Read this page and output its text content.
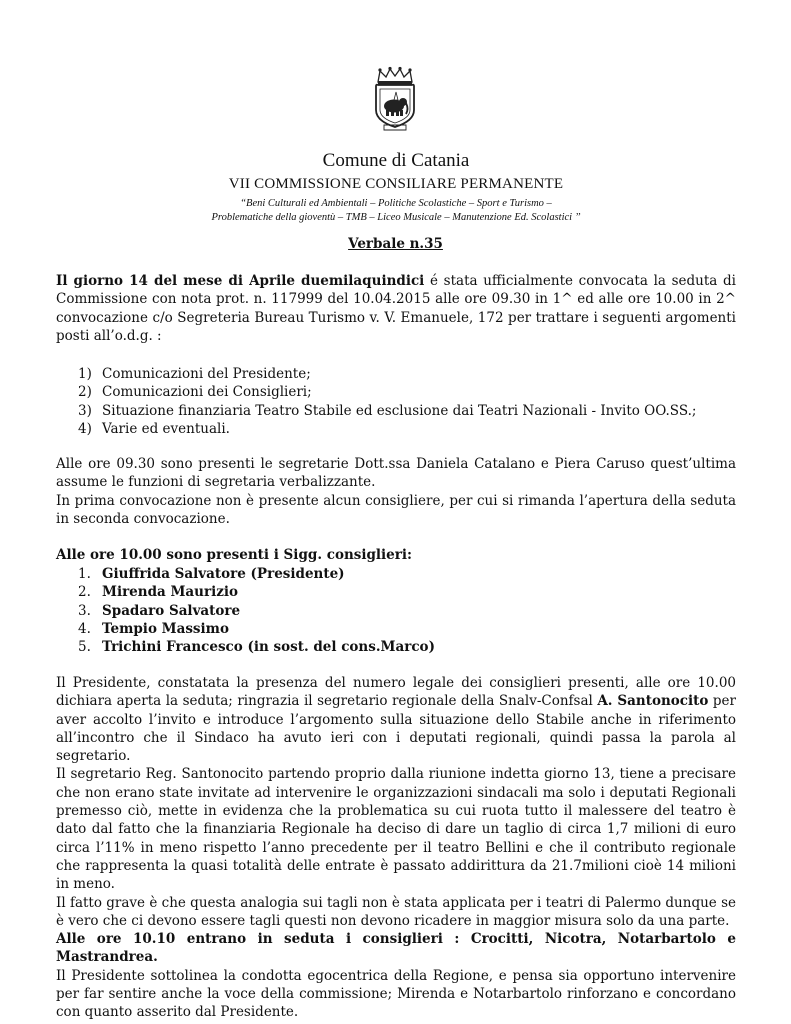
Comune di Catania
VII COMMISSIONE CONSILIARE PERMANENTE
“Beni Culturali ed Ambientali – Politiche Scolastiche – Sport e Turismo –
Problematiche della gioventù – TMB – Liceo Musicale – Manutenzione Ed. Scolastici ’’
Verbale n.35
Il giorno 14 del mese di Aprile duemilaquindici é stata ufficialmente convocata la seduta di Commissione con nota prot. n. 117999 del 10.04.2015 alle ore 09.30 in 1^ ed alle ore 10.00 in 2^ convocazione c/o Segreteria Bureau Turismo v. V. Emanuele, 172 per trattare i seguenti argomenti posti all’o.d.g. :
1) Comunicazioni del Presidente;
2) Comunicazioni dei Consiglieri;
3) Situazione finanziaria Teatro Stabile ed esclusione dai Teatri Nazionali - Invito OO.SS.;
4) Varie ed eventuali.
Alle ore 09.30 sono presenti le segretarie Dott.ssa Daniela Catalano e Piera Caruso quest’ultima assume le funzioni di segretaria verbalizzante.
In prima convocazione non è presente alcun consigliere, per cui si rimanda l’apertura della seduta in seconda convocazione.
Alle ore 10.00 sono presenti i Sigg. consiglieri:
1. Giuffrida Salvatore (Presidente)
2. Mirenda Maurizio
3. Spadaro Salvatore
4. Tempio Massimo
5. Trichini Francesco (in sost. del cons.Marco)
Il Presidente, constatata la presenza del numero legale dei consiglieri presenti, alle ore 10.00 dichiara aperta la seduta; ringrazia il segretario regionale della Snalv-Confsal A. Santonocito per aver accolto l’invito e introduce l’argomento sulla situazione dello Stabile anche in riferimento all’incontro che il Sindaco ha avuto ieri con i deputati regionali, quindi passa la parola al segretario.
Il segretario Reg. Santonocito partendo proprio dalla riunione indetta giorno 13, tiene a precisare che non erano state invitate ad intervenire le organizzazioni sindacali ma solo i deputati Regionali premesso ciò, mette in evidenza che la problematica su cui ruota tutto il malessere del teatro è dato dal fatto che la finanziaria Regionale ha deciso di dare un taglio di circa 1,7 milioni di euro circa l’11% in meno rispetto l’anno precedente per il teatro Bellini e che il contributo regionale che rappresenta la quasi totalità delle entrate è passato addirittura da 21.7milioni cioè 14 milioni in meno.
Il fatto grave è che questa analogia sui tagli non è stata applicata per i teatri di Palermo dunque se è vero che ci devono essere tagli questi non devono ricadere in maggior misura solo da una parte.
Alle ore 10.10 entrano in seduta i consiglieri : Crocitti, Nicotra, Notarbartolo e Mastrandrea.
Il Presidente sottolinea la condotta egocentrica della Regione, e pensa sia opportuno intervenire per far sentire anche la voce della commissione; Mirenda e Notarbartolo rinforzano e concordano con quanto asserito dal Presidente.
